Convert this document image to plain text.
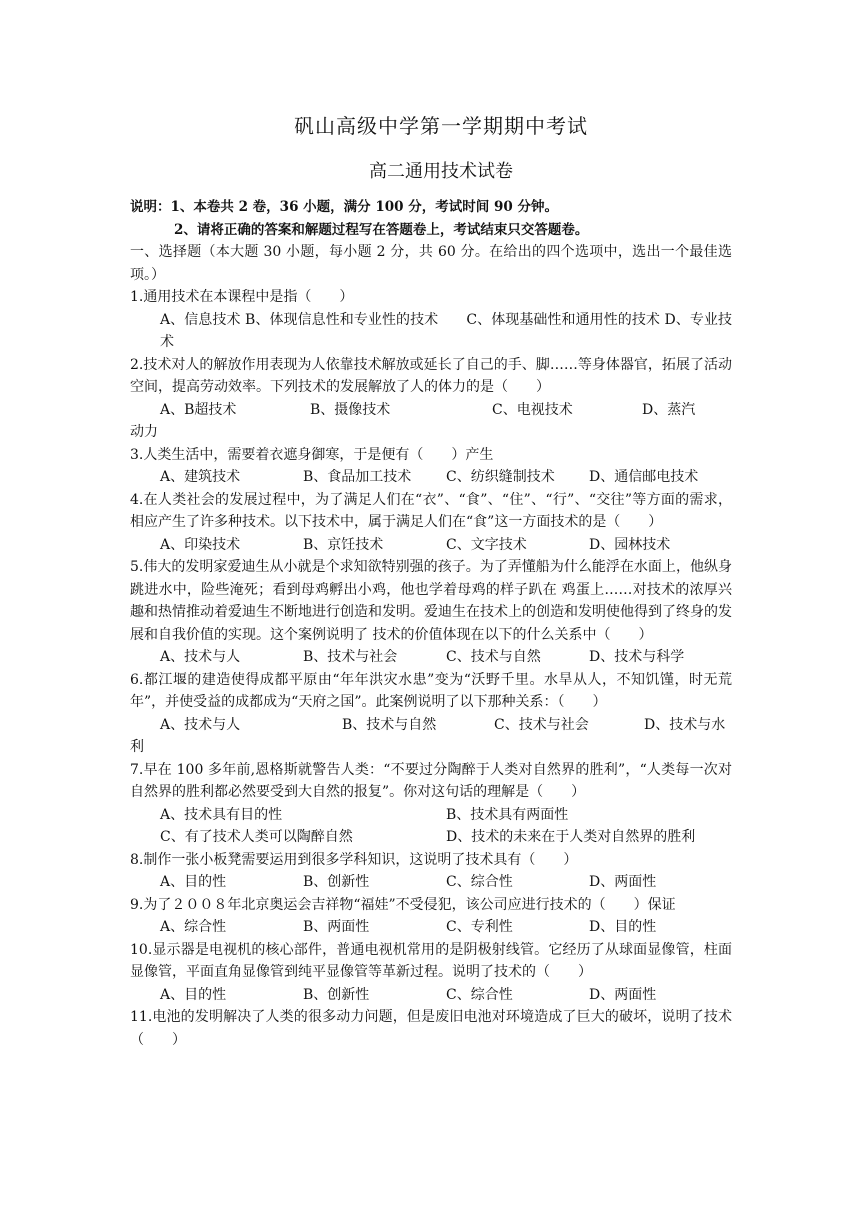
矾山高级中学第一学期期中考试
高二通用技术试卷
说明：1、本卷共 2 卷，36 小题，满分 100 分，考试时间 90 分钟。
2、请将正确的答案和解题过程写在答题卷上，考试结束只交答题卷。
一、选择题（本大题 30 小题，每小题 2 分，共 60 分。在给出的四个选项中，选出一个最佳选项。）
1.通用技术在本课程中是指（　　）
A、信息技术 B、体现信息性和专业性的技术　　C、体现基础性和通用性的技术 D、专业技术
2.技术对人的解放作用表现为人依靠技术解放或延长了自己的手、脚……等身体器官，拓展了活动空间，提高劳动效率。下列技术的发展解放了人的体力的是（　　）
A、B超技术	B、摄像技术	C、电视技术	D、蒸汽
动力
3.人类生活中，需要着衣遮身御寒，于是便有（　　）产生
A、建筑技术	B、食品加工技术	C、纺织缝制技术	D、通信邮电技术
4.在人类社会的发展过程中，为了满足人们在“衣”、“食”、“住”、“行”、“交往”等方面的需求，相应产生了许多种技术。以下技术中，属于满足人们在“食”这一方面技术的是（　　）
A、印染技术	B、京饪技术	C、文字技术	D、园林技术
5.伟大的发明家爱迪生从小就是个求知欲特别强的孩子。为了弄懂船为什么能浮在水面上，他纵身跳进水中，险些淹死；看到母鸡孵出小鸡，他也学着母鸡的样子趴在 鸡蛋上……对技术的浓厚兴趣和热情推动着爱迪生不断地进行创造和发明。爱迪生在技术上的创造和发明使他得到了终身的发展和自我价值的实现。这个案例说明了 技术的价值体现在以下的什么关系中（　　）
A、技术与人	B、技术与社会	C、技术与自然	D、技术与科学
6.都江堰的建造使得成都平原由“年年洪灾水患”变为“沃野千里。水旱从人，不知饥馑，时无荒年”，并使受益的成都成为“天府之国”。此案例说明了以下那种关系：（　　）
A、技术与人	B、技术与自然	C、技术与社会	D、技术与水
利
7.早在 100 多年前,恩格斯就警告人类：“不要过分陶醉于人类对自然界的胜利”，“人类每一次对自然界的胜利都必然要受到大自然的报复”。你对这句话的理解是（　　）
A、技术具有目的性	B、技术具有两面性
C、有了技术人类可以陶醉自然	D、技术的未来在于人类对自然界的胜利
8.制作一张小板凳需要运用到很多学科知识，这说明了技术具有（　　）
A、目的性	B、创新性	C、综合性	D、两面性
9.为了２００８年北京奥运会吉祥物“福娃”不受侵犯，该公司应进行技术的（　　）保证
A、综合性	B、两面性	C、专利性	D、目的性
10.显示器是电视机的核心部件，普通电视机常用的是阴极射线管。它经历了从球面显像管，柱面显像管，平面直角显像管到纯平显像管等革新过程。说明了技术的（　　）
A、目的性	B、创新性	C、综合性	D、两面性
11.电池的发明解决了人类的很多动力问题，但是废旧电池对环境造成了巨大的破坏，说明了技术（　　）
